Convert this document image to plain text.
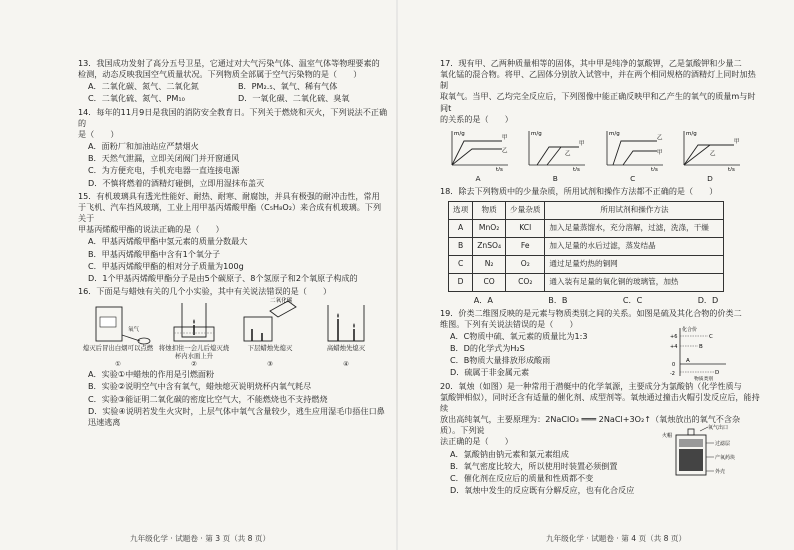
13．我国成功发射了高分五号卫星，它通过对大气污染气体、温室气体等物理要素的

检测，动态反映我国空气质量状况。下列物质全部属于空气污染物的是（　　）

A．二氧化碳、氮气、二氧化氮	B．PM₂.₅、氧气、稀有气体
C．二氧化硫、氮气、PM₁₀	D．一氧化碳、二氧化硫、臭氧

14．每年的11月9日是我国的消防安全教育日。下列关于燃烧和灭火，下列说法不正确的

是（　　）

A．面粉厂和加油站应严禁烟火

B．天然气泄漏，立即关闭阀门并开窗通风

C．为方便充电，手机充电器一直连接电源

D．不慎将燃着的酒精灯碰倒，立即用湿抹布盖灭

15．有机玻璃具有透光性能好、耐热、耐寒、耐腐蚀，并具有极强的耐冲击性，常用

于飞机、汽车挡风玻璃，工业上用甲基丙烯酸甲酯（C₅H₈O₂）来合成有机玻璃。下列关于

甲基丙烯酸甲酯的说法正确的是（　　）

A．甲基丙烯酸甲酯中氢元素的质量分数最大

B．甲基丙烯酸甲酯中含有1个氧分子

C．甲基丙烯酸甲酯的相对分子质量为100g

D．1个甲基丙烯酸甲酯分子是由5个碳原子、8个氢原子和2个氧原子构成的

16．下面是与蜡烛有关的几个小实验，其中有关说法错误的是（　　）

氧气
二氧化碳
熄灭后冒出白烟可以点燃 将烛扣住一会儿后熄灭烧杯内水面上升
下层蜡烛先熄灭	高蜡烛先熄灭
①	②	③	④

A．实验①中蜡烛的作用是引燃面粉

B．实验②说明空气中含有氧气，蜡烛熄灭说明烧杯内氧气耗尽

C．实验③能证明二氧化碳的密度比空气大，不能燃烧也不支持燃烧

D．实验④说明若发生火灾时，上层气体中氧气含量较少，逃生应用湿毛巾捂住口鼻迅速逃离

九年级化学 · 试题卷 · 第 3 页（共 8 页）

17．现有甲、乙两种质量相等的固体，其中甲是纯净的氯酸钾，乙是氯酸钾和少量二

氧化锰的混合物。将甲、乙固体分别放入试管中，并在两个相同规格的酒精灯上同时加热制

取氧气。当甲、乙均完全反应后，下列图像中能正确反映甲和乙产生的氧气的质量m与时间t

的关系的是（　　）

m/g
t/s
甲
乙
A
m/g
t/s
甲
乙
B
m/g
t/s
乙
甲
C
m/g
t/s
甲
乙
D

18．除去下列物质中的少量杂质，所用试剂和操作方法都不正确的是（　　）

选项	物质	少量杂质	所用试剂和操作方法
A	MnO₂	KCl	加入足量蒸馏水，充分溶解，过滤，洗涤，干燥
B	ZnSO₄	Fe	加入足量的水后过滤，蒸发结晶
C	N₂	O₂	通过足量灼热的铜网
D	CO	CO₂	通入装有足量的氧化铜的玻璃管，加热
A．A	B．B	C．C	D．D

19．价类二维图反映的是元素与物质类别之间的关系。如图是硫及其化合物的价类二

维图。下列有关说法错误的是（　　）

A．C物质中硫、氧元素的质量比为1:3

B．D的化学式为H₂S

C．B物质大量排放形成酸雨

D．硫属于非金属元素

化合价
+6
+4
0
-2
C
B
A
D
物质类别

20．氧烛（如图）是一种常用于潜艇中的化学氧源，主要成分为氯酸钠（化学性质与

氯酸钾相似），同时还含有适量的催化剂、成型剂等。氧烛通过撞击火帽引发反应后，能持续

放出高纯氧气，主要原理为：2NaClO₃ ═══ 2NaCl+3O₂↑（氧烛放出的氧气不含杂质）。下列说

法正确的是（　　）

A．氯酸钠由钠元素和氯元素组成

B．氧气密度比较大，所以使用时装置必须倒置

C．催化剂在反应后的质量和性质都不变

D．氧烛中发生的反应既有分解反应，也有化合反应

氧气出口
火帽
过滤层
产氧药块
外壳
九年级化学 · 试题卷 · 第 4 页（共 8 页）
